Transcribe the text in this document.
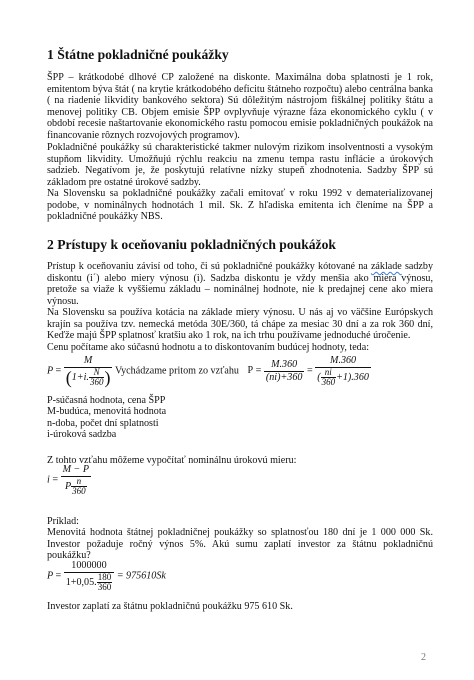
1 Štátne pokladničné poukážky

ŠPP – krátkodobé dlhové CP založené na diskonte. Maximálna doba splatnosti je 1 rok, emitentom býva štát ( na krytie krátkodobého deficitu štátneho rozpočtu) alebo centrálna banka ( na riadenie likvidity bankového sektora) Sú dôležitým nástrojom fiškálnej politiky štátu a menovej politiky CB. Objem emisie ŠPP ovplyvňuje výrazne fáza ekonomického cyklu ( v období recesie naštartovanie ekonomického rastu pomocou emisie pokladničných poukážok na financovanie rôznych rozvojových programov).

Pokladničné poukážky sú charakteristické takmer nulovým rizikom insolventnosti a vysokým stupňom likvidity. Umožňujú rýchlu reakciu na zmenu tempa rastu inflácie a úrokových sadzieb. Negatívom je, že poskytujú relatívne nízky stupeň zhodnotenia. Sadzby ŠPP sú základom pre ostatné úrokové sadzby.

Na Slovensku sa pokladničné poukážky začali emitovať v roku 1992 v dematerializovanej podobe, v nominálnych hodnotách 1 mil. Sk. Z hľadiska emitenta ich členíme na ŠPP a pokladničné poukážky NBS.

2 Prístupy k oceňovaniu pokladničných poukážok

Prístup k oceňovaniu závisí od toho, či sú pokladničné poukážky kótované na základe sadzby diskontu (i´) alebo miery výnosu (i). Sadzba diskontu je vždy menšia ako miera výnosu, pretože sa viaže k vyššiemu základu – nominálnej hodnote, nie k predajnej cene ako miera výnosu.

Na Slovensku sa používa kotácia na základe miery výnosu. U nás aj vo väčšine Európskych krajín sa používa tzv. nemecká metóda 30E/360, tá chápe za mesiac 30 dní a za rok 360 dní, Keďže majú ŠPP splatnosť kratšiu ako 1 rok, na ich trhu používame jednoduché úročenie.

Cenu počítame ako súčasnú hodnotu a to diskontovaním budúcej hodnoty, teda:

$P = \frac{M}{(1+i. \frac{N}{360} )}$ Vychádzame pritom zo vzťahu $P = \frac{M.360}{(ni)+360} = \frac{M.360}{( \frac{ni}{360} +1).360}$

P-súčasná hodnota, cena ŠPP

M-budúca, menovitá hodnota

n-doba, počet dní splatnosti

i-úroková sadzba

Z tohto vzťahu môžeme vypočítať nominálnu úrokovú mieru:

$i = \frac{M - P}{P \frac{n}{360}}$

Príklad:

Menovitá hodnota štátnej pokladničnej poukážky so splatnosťou 180 dní je 1 000 000 Sk. Investor požaduje ročný výnos 5%. Akú sumu zaplatí investor za štátnu pokladničnú poukážku?

$P = \frac{1000000}{1+0,05. \frac{180}{360}} = 975610Sk$

Investor zaplatí za štátnu pokladničnú poukážku 975 610 Sk.

2
